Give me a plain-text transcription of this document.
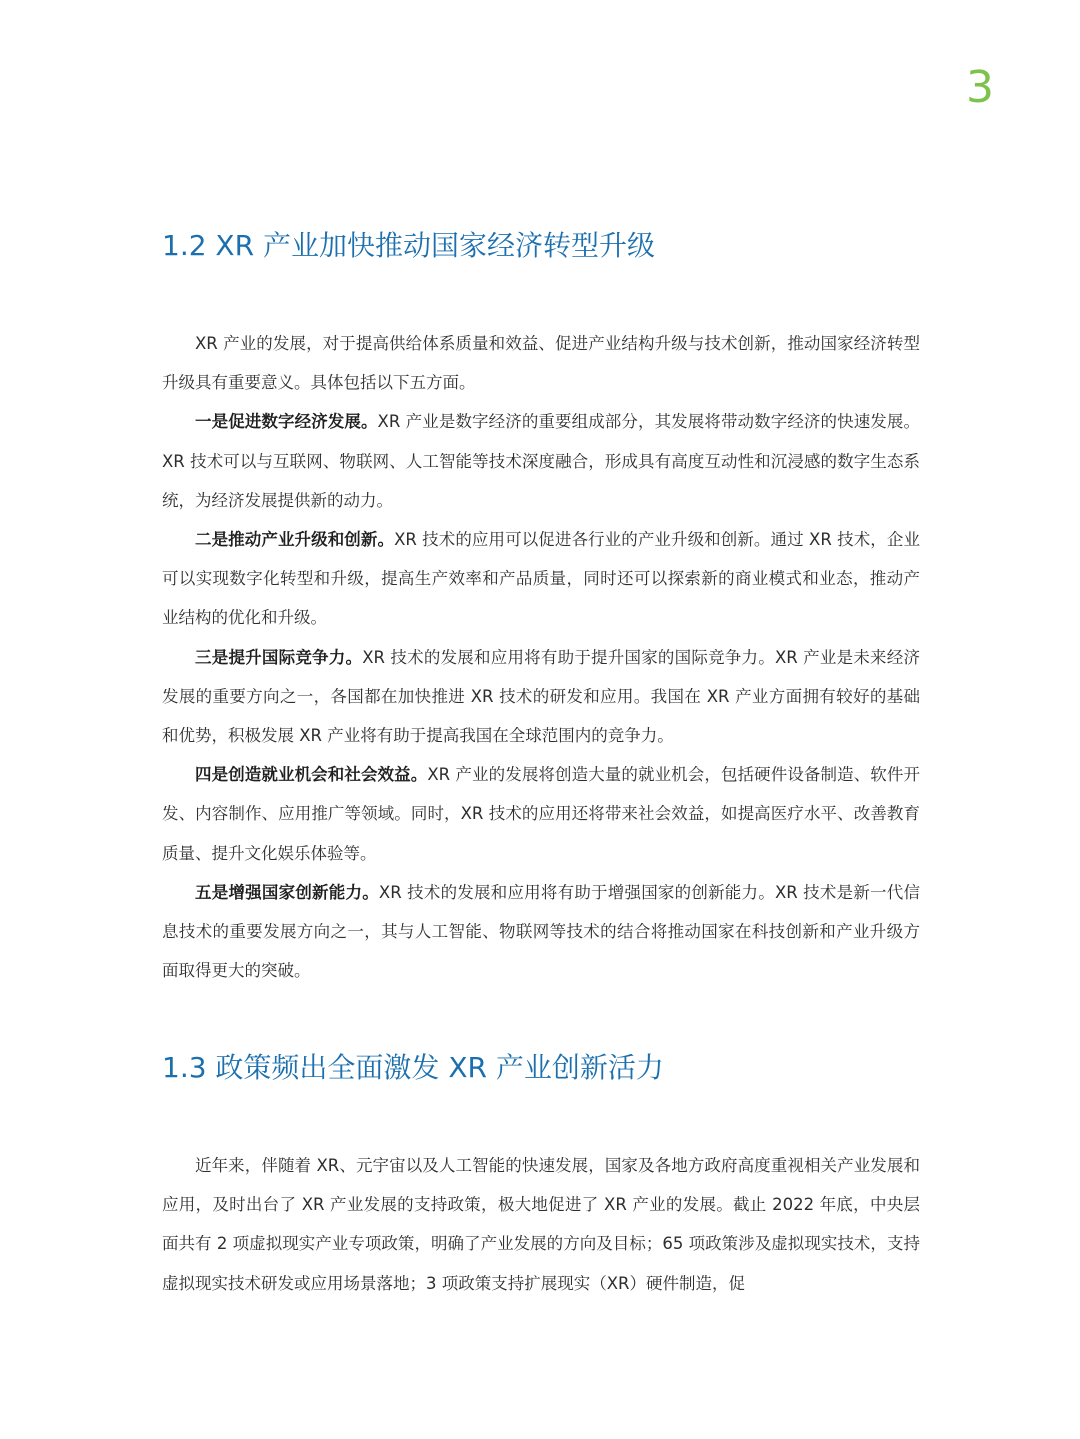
3
1.2 XR 产业加快推动国家经济转型升级

XR 产业的发展，对于提高供给体系质量和效益、促进产业结构升级与技术创新，推动国家经济转型升级具有重要意义。具体包括以下五方面。

一是促进数字经济发展。XR 产业是数字经济的重要组成部分，其发展将带动数字经济的快速发展。XR 技术可以与互联网、物联网、人工智能等技术深度融合，形成具有高度互动性和沉浸感的数字生态系统，为经济发展提供新的动力。

二是推动产业升级和创新。XR 技术的应用可以促进各行业的产业升级和创新。通过 XR 技术，企业可以实现数字化转型和升级，提高生产效率和产品质量，同时还可以探索新的商业模式和业态，推动产业结构的优化和升级。

三是提升国际竞争力。XR 技术的发展和应用将有助于提升国家的国际竞争力。XR 产业是未来经济发展的重要方向之一，各国都在加快推进 XR 技术的研发和应用。我国在 XR 产业方面拥有较好的基础和优势，积极发展 XR 产业将有助于提高我国在全球范围内的竞争力。

四是创造就业机会和社会效益。XR 产业的发展将创造大量的就业机会，包括硬件设备制造、软件开发、内容制作、应用推广等领域。同时，XR 技术的应用还将带来社会效益，如提高医疗水平、改善教育质量、提升文化娱乐体验等。

五是增强国家创新能力。XR 技术的发展和应用将有助于增强国家的创新能力。XR 技术是新一代信息技术的重要发展方向之一，其与人工智能、物联网等技术的结合将推动国家在科技创新和产业升级方面取得更大的突破。

1.3 政策频出全面激发 XR 产业创新活力

近年来，伴随着 XR、元宇宙以及人工智能的快速发展，国家及各地方政府高度重视相关产业发展和应用，及时出台了 XR 产业发展的支持政策，极大地促进了 XR 产业的发展。截止 2022 年底，中央层面共有 2 项虚拟现实产业专项政策，明确了产业发展的方向及目标；65 项政策涉及虚拟现实技术，支持虚拟现实技术研发或应用场景落地；3 项政策支持扩展现实（XR）硬件制造，促
